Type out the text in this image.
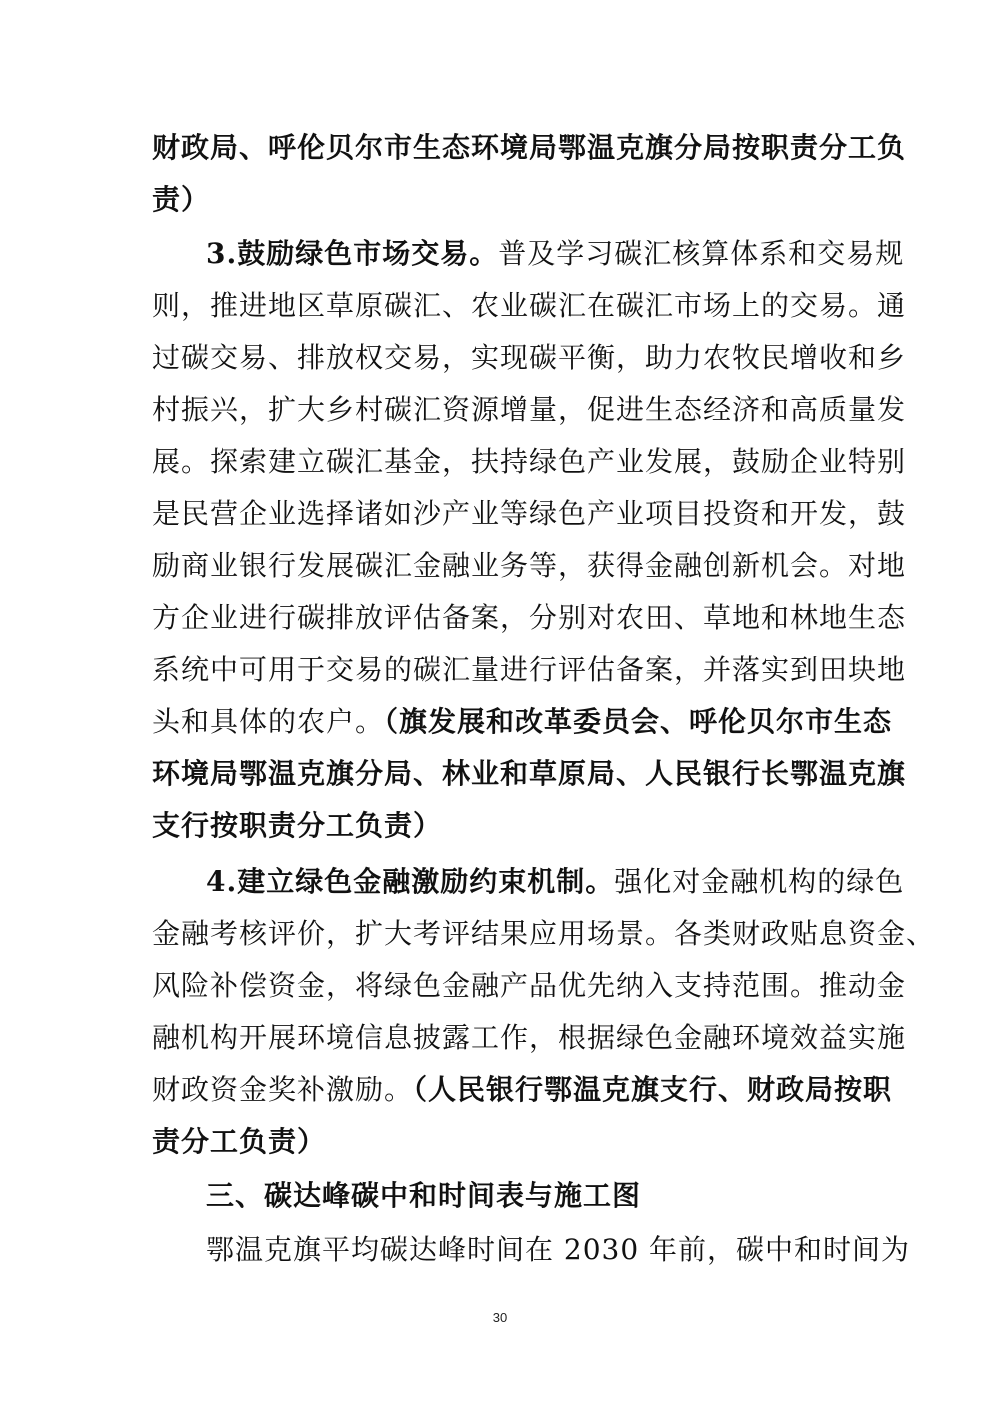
财政局、呼伦贝尔市生态环境局鄂温克旗分局按职责分工负
责）
3.鼓励绿色市场交易。普及学习碳汇核算体系和交易规
则，推进地区草原碳汇、农业碳汇在碳汇市场上的交易。通
过碳交易、排放权交易，实现碳平衡，助力农牧民增收和乡
村振兴，扩大乡村碳汇资源增量，促进生态经济和高质量发
展。探索建立碳汇基金，扶持绿色产业发展，鼓励企业特别
是民营企业选择诸如沙产业等绿色产业项目投资和开发，鼓
励商业银行发展碳汇金融业务等，获得金融创新机会。对地
方企业进行碳排放评估备案，分别对农田、草地和林地生态
系统中可用于交易的碳汇量进行评估备案，并落实到田块地
头和具体的农户。（旗发展和改革委员会、呼伦贝尔市生态
环境局鄂温克旗分局、林业和草原局、人民银行长鄂温克旗
支行按职责分工负责）
4.建立绿色金融激励约束机制。强化对金融机构的绿色
金融考核评价，扩大考评结果应用场景。各类财政贴息资金、
风险补偿资金，将绿色金融产品优先纳入支持范围。推动金
融机构开展环境信息披露工作，根据绿色金融环境效益实施
财政资金奖补激励。（人民银行鄂温克旗支行、财政局按职
责分工负责）
三、碳达峰碳中和时间表与施工图
鄂温克旗平均碳达峰时间在 2030 年前，碳中和时间为
30
